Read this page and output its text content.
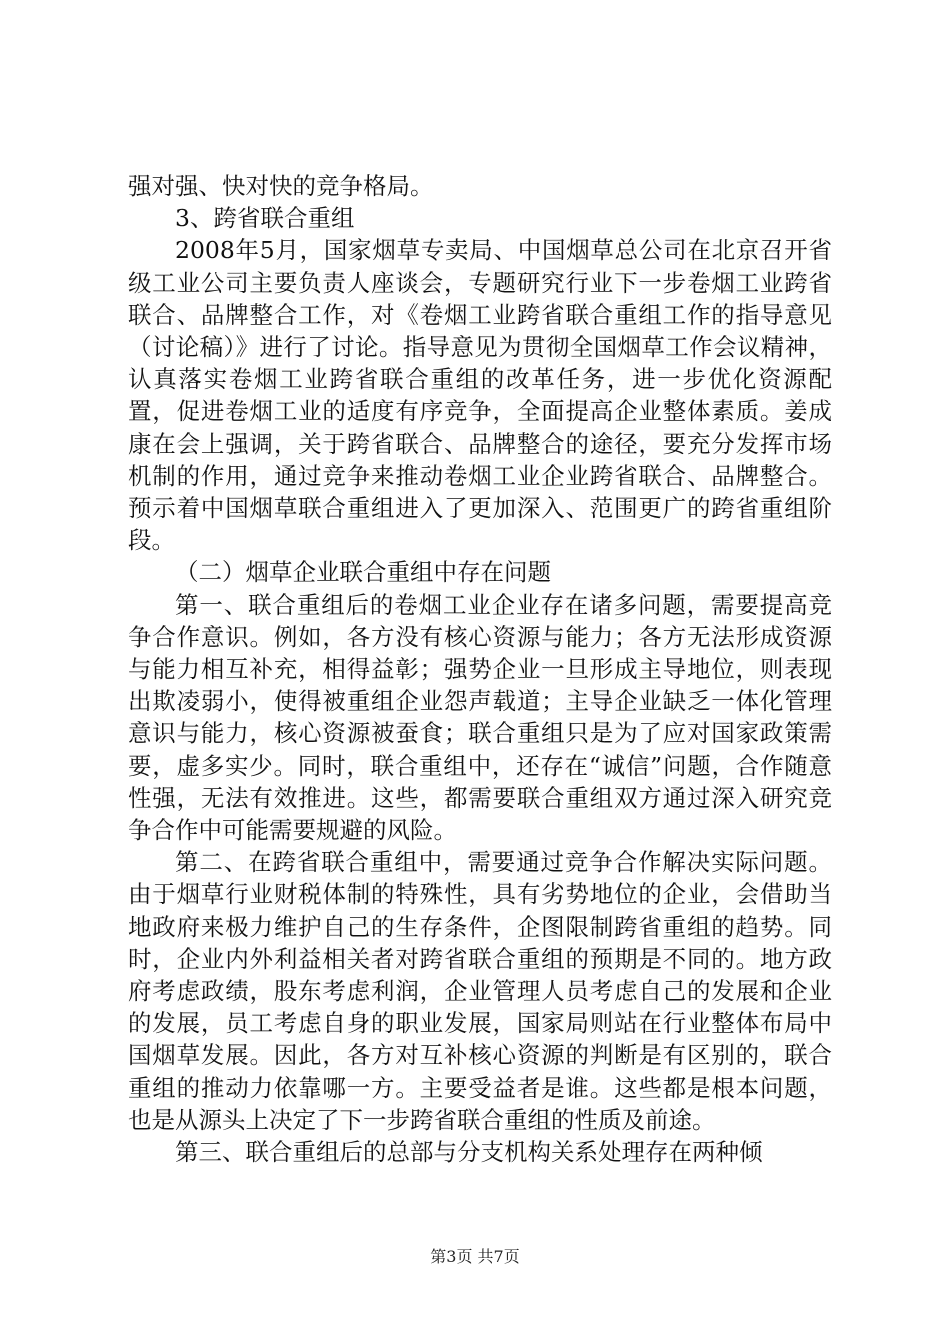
强对强、快对快的竞争格局。

3、跨省联合重组

2008年5月，国家烟草专卖局、中国烟草总公司在北京召开省级工业公司主要负责人座谈会，专题研究行业下一步卷烟工业跨省联合、品牌整合工作，对《卷烟工业跨省联合重组工作的指导意见（讨论稿）》进行了讨论。指导意见为贯彻全国烟草工作会议精神，认真落实卷烟工业跨省联合重组的改革任务，进一步优化资源配置，促进卷烟工业的适度有序竞争，全面提高企业整体素质。姜成康在会上强调，关于跨省联合、品牌整合的途径，要充分发挥市场机制的作用，通过竞争来推动卷烟工业企业跨省联合、品牌整合。预示着中国烟草联合重组进入了更加深入、范围更广的跨省重组阶段。

（二）烟草企业联合重组中存在问题

第一、联合重组后的卷烟工业企业存在诸多问题，需要提高竞争合作意识。例如，各方没有核心资源与能力；各方无法形成资源与能力相互补充，相得益彰；强势企业一旦形成主导地位，则表现出欺凌弱小，使得被重组企业怨声载道；主导企业缺乏一体化管理意识与能力，核心资源被蚕食；联合重组只是为了应对国家政策需要，虚多实少。同时，联合重组中，还存在“诚信”问题，合作随意性强，无法有效推进。这些，都需要联合重组双方通过深入研究竞争合作中可能需要规避的风险。

第二、在跨省联合重组中，需要通过竞争合作解决实际问题。由于烟草行业财税体制的特殊性，具有劣势地位的企业，会借助当地政府来极力维护自己的生存条件，企图限制跨省重组的趋势。同时，企业内外利益相关者对跨省联合重组的预期是不同的。地方政府考虑政绩，股东考虑利润，企业管理人员考虑自己的发展和企业的发展，员工考虑自身的职业发展，国家局则站在行业整体布局中国烟草发展。因此，各方对互补核心资源的判断是有区别的，联合重组的推动力依靠哪一方。主要受益者是谁。这些都是根本问题，也是从源头上决定了下一步跨省联合重组的性质及前途。

第三、联合重组后的总部与分支机构关系处理存在两种倾

第3页 共7页
